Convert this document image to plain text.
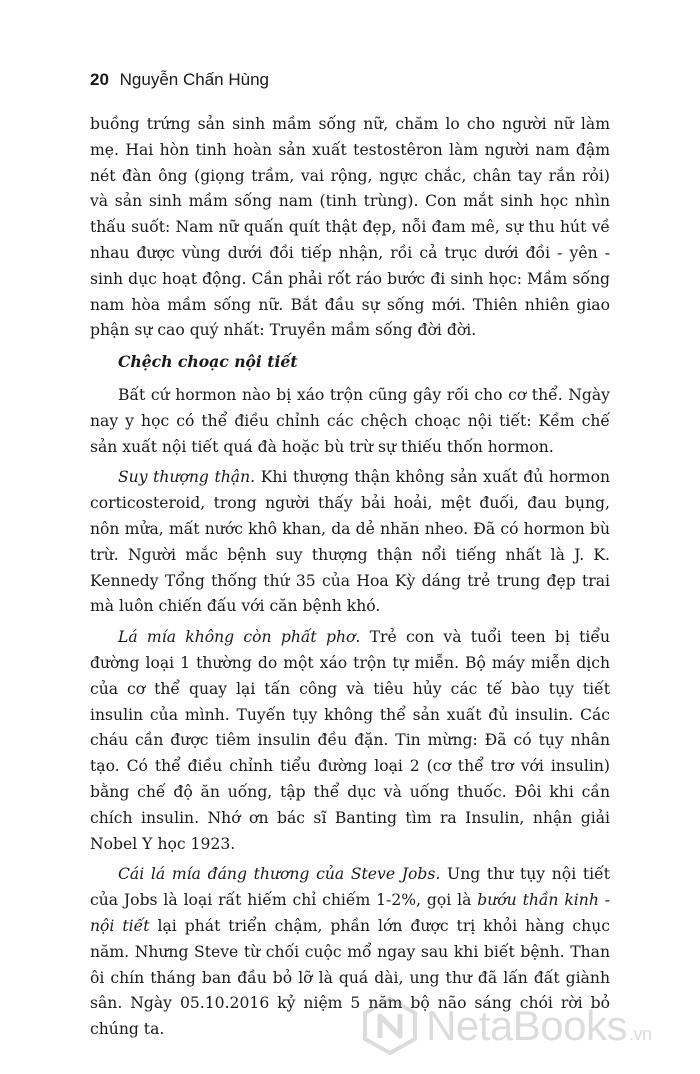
20 Nguyễn Chấn Hùng

buồng trứng sản sinh mầm sống nữ, chăm lo cho người nữ làm mẹ. Hai hòn tinh hoàn sản xuất testostêron làm người nam đậm nét đàn ông (giọng trầm, vai rộng, ngực chắc, chân tay rắn rỏi) và sản sinh mầm sống nam (tinh trùng). Con mắt sinh học nhìn thấu suốt: Nam nữ quấn quít thật đẹp, nỗi đam mê, sự thu hút về nhau được vùng dưới đồi tiếp nhận, rồi cả trục dưới đồi - yên - sinh dục hoạt động. Cần phải rốt ráo bước đi sinh học: Mầm sống nam hòa mầm sống nữ. Bắt đầu sự sống mới. Thiên nhiên giao phận sự cao quý nhất: Truyền mầm sống đời đời.

Chệch choạc nội tiết

Bất cứ hormon nào bị xáo trộn cũng gây rối cho cơ thể. Ngày nay y học có thể điều chỉnh các chệch choạc nội tiết: Kềm chế sản xuất nội tiết quá đà hoặc bù trừ sự thiếu thốn hormon.

Suy thượng thận. Khi thượng thận không sản xuất đủ hormon corticosteroid, trong người thấy bải hoải, mệt đuối, đau bụng, nôn mửa, mất nước khô khan, da dẻ nhăn nheo. Đã có hormon bù trừ. Người mắc bệnh suy thượng thận nổi tiếng nhất là J. K. Kennedy Tổng thống thứ 35 của Hoa Kỳ dáng trẻ trung đẹp trai mà luôn chiến đấu với căn bệnh khó.

Lá mía không còn phất phơ. Trẻ con và tuổi teen bị tiểu đường loại 1 thường do một xáo trộn tự miễn. Bộ máy miễn dịch của cơ thể quay lại tấn công và tiêu hủy các tế bào tụy tiết insulin của mình. Tuyến tụy không thể sản xuất đủ insulin. Các cháu cần được tiêm insulin đều đặn. Tin mừng: Đã có tụy nhân tạo. Có thể điều chỉnh tiểu đường loại 2 (cơ thể trơ với insulin) bằng chế độ ăn uống, tập thể dục và uống thuốc. Đôi khi cần chích insulin. Nhớ ơn bác sĩ Banting tìm ra Insulin, nhận giải Nobel Y học 1923.

Cái lá mía đáng thương của Steve Jobs. Ung thư tụy nội tiết của Jobs là loại rất hiếm chỉ chiếm 1-2%, gọi là bướu thần kinh - nội tiết lại phát triển chậm, phần lớn được trị khỏi hàng chục năm. Nhưng Steve từ chối cuộc mổ ngay sau khi biết bệnh. Than ôi chín tháng ban đầu bỏ lỡ là quá dài, ung thư đã lấn đất giành sân. Ngày 05.10.2016 kỷ niệm 5 năm bộ não sáng chói rời bỏ chúng ta.	NetaBooks .vn
